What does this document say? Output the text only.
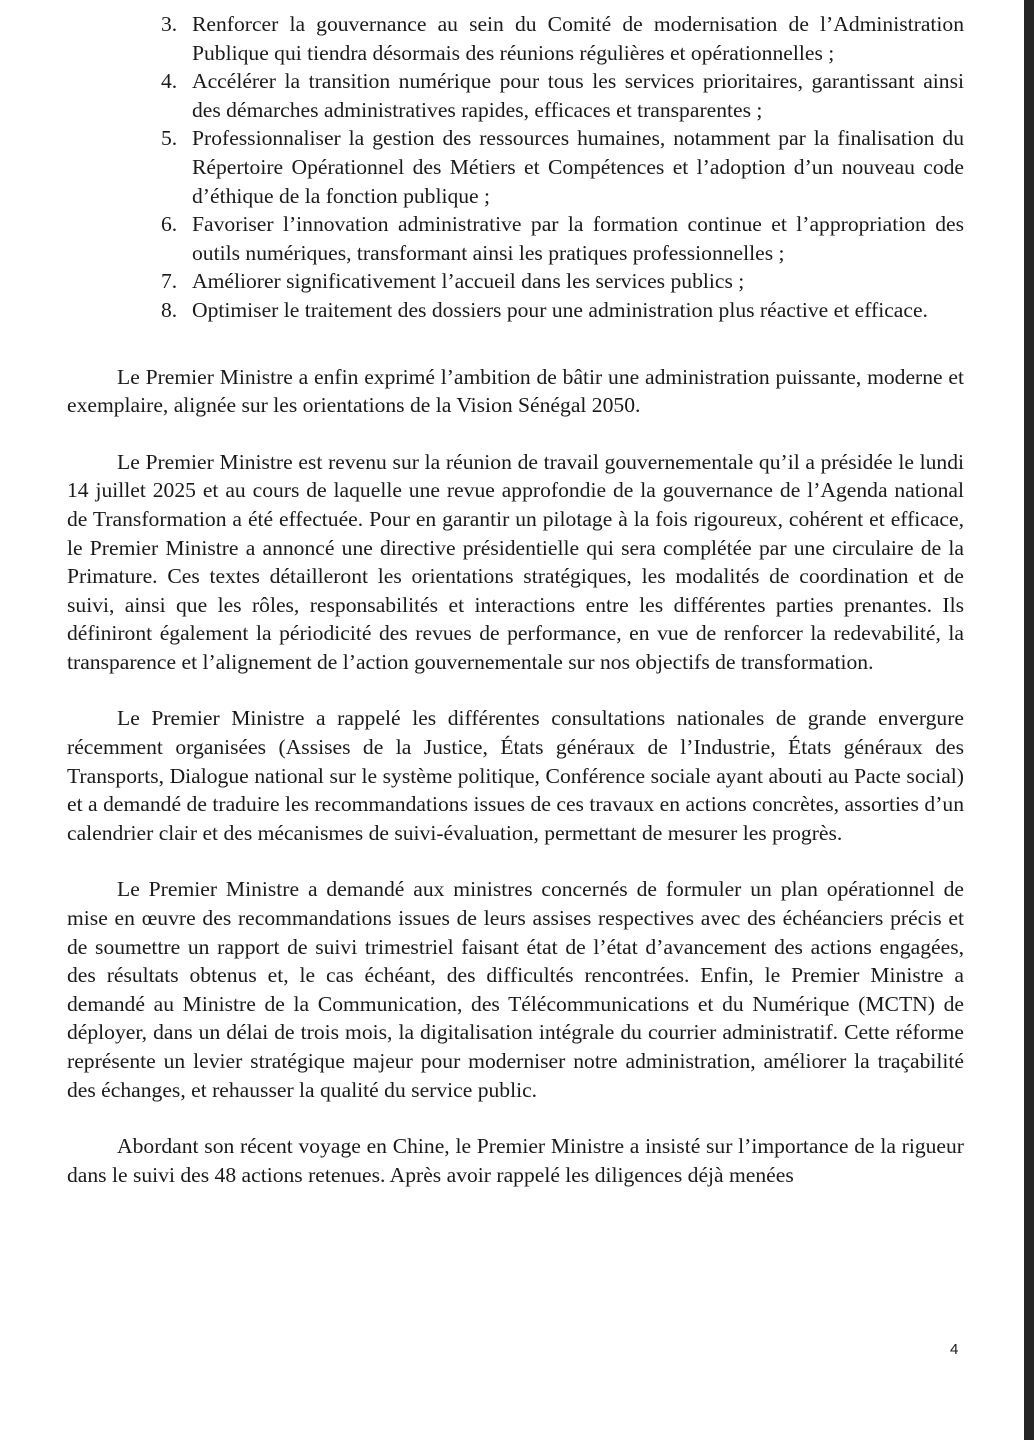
3. Renforcer la gouvernance au sein du Comité de modernisation de l’Administration Publique qui tiendra désormais des réunions régulières et opérationnelles ;
4. Accélérer la transition numérique pour tous les services prioritaires, garantissant ainsi des démarches administratives rapides, efficaces et transparentes ;
5. Professionnaliser la gestion des ressources humaines, notamment par la finalisation du Répertoire Opérationnel des Métiers et Compétences et l’adoption d’un nouveau code d’éthique de la fonction publique ;
6. Favoriser l’innovation administrative par la formation continue et l’appropriation des outils numériques, transformant ainsi les pratiques professionnelles ;
7. Améliorer significativement l’accueil dans les services publics ;
8. Optimiser le traitement des dossiers pour une administration plus réactive et efficace.

Le Premier Ministre a enfin exprimé l’ambition de bâtir une administration puissante, moderne et exemplaire, alignée sur les orientations de la Vision Sénégal 2050.

Le Premier Ministre est revenu sur la réunion de travail gouvernementale qu’il a présidée le lundi 14 juillet 2025 et au cours de laquelle une revue approfondie de la gouvernance de l’Agenda national de Transformation a été effectuée. Pour en garantir un pilotage à la fois rigoureux, cohérent et efficace, le Premier Ministre a annoncé une directive présidentielle qui sera complétée par une circulaire de la Primature. Ces textes détailleront les orientations stratégiques, les modalités de coordination et de suivi, ainsi que les rôles, responsabilités et interactions entre les différentes parties prenantes. Ils définiront également la périodicité des revues de performance, en vue de renforcer la redevabilité, la transparence et l’alignement de l’action gouvernementale sur nos objectifs de transformation.

Le Premier Ministre a rappelé les différentes consultations nationales de grande envergure récemment organisées (Assises de la Justice, États généraux de l’Industrie, États généraux des Transports, Dialogue national sur le système politique, Conférence sociale ayant abouti au Pacte social) et a demandé de traduire les recommandations issues de ces travaux en actions concrètes, assorties d’un calendrier clair et des mécanismes de suivi-évaluation, permettant de mesurer les progrès.

Le Premier Ministre a demandé aux ministres concernés de formuler un plan opérationnel de mise en œuvre des recommandations issues de leurs assises respectives avec des échéanciers précis et de soumettre un rapport de suivi trimestriel faisant état de l’état d’avancement des actions engagées, des résultats obtenus et, le cas échéant, des difficultés rencontrées. Enfin, le Premier Ministre a demandé au Ministre de la Communication, des Télécommunications et du Numérique (MCTN) de déployer, dans un délai de trois mois, la digitalisation intégrale du courrier administratif. Cette réforme représente un levier stratégique majeur pour moderniser notre administration, améliorer la traçabilité des échanges, et rehausser la qualité du service public.

Abordant son récent voyage en Chine, le Premier Ministre a insisté sur l’importance de la rigueur dans le suivi des 48 actions retenues. Après avoir rappelé les diligences déjà menées

4
